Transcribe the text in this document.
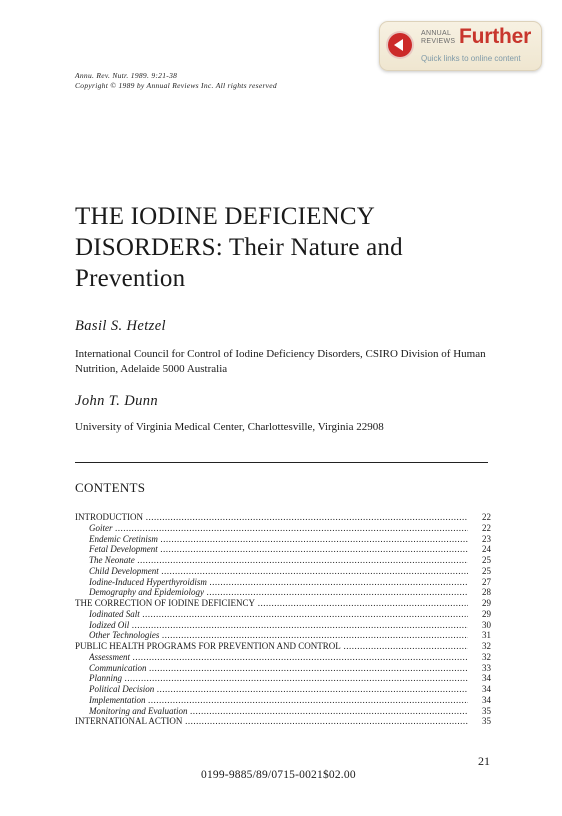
ANNUAL
REVIEWS Further
Quick links to online content
Annu. Rev. Nutr. 1989. 9:21-38
Copyright © 1989 by Annual Reviews Inc. All rights reserved
THE IODINE DEFICIENCY
DISORDERS: Their Nature and
Prevention
Basil S. Hetzel
International Council for Control of Iodine Deficiency Disorders, CSIRO Division of Human Nutrition, Adelaide 5000 Australia
John T. Dunn
University of Virginia Medical Center, Charlottesville, Virginia 22908
CONTENTS
INTRODUCTION .....	22
Goiter .....	22
Endemic Cretinism .....	23
Fetal Development .....	24
The Neonate .....	25
Child Development .....	25
Iodine-Induced Hyperthyroidism .....	27
Demography and Epidemiology .....	28
THE CORRECTION OF IODINE DEFICIENCY .....	29
Iodinated Salt .....	29
Iodized Oil .....	30
Other Technologies .....	31
PUBLIC HEALTH PROGRAMS FOR PREVENTION AND CONTROL .....	32
Assessment .....	32
Communication .....	33
Planning .....	34
Political Decision .....	34
Implementation .....	34
Monitoring and Evaluation .....	35
INTERNATIONAL ACTION .....	35
21
0199-9885/89/0715-0021$02.00
